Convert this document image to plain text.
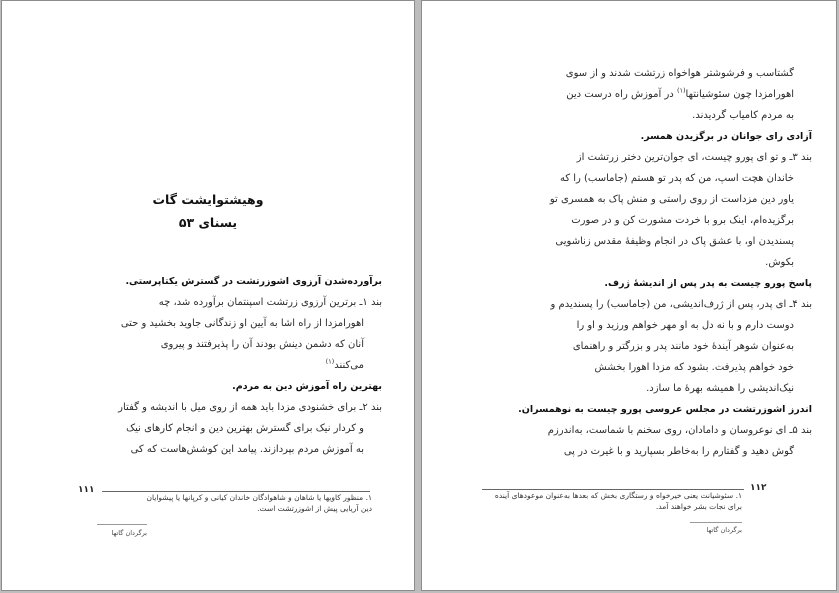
وهیشتوایشت گات
یسنای ۵۳
برآورده‌شدن آرزوی اشوزرتشت در گسترش یکتاپرستی.
بند ۱ـ برترین آرزوی زرتشت اسپنتمان برآورده شد، چه
اهورامزدا از راه اشا به آیین او زندگانی جاوید بخشید و حتی
آنان که دشمن دینش بودند آن را پذیرفتند و پیروی
می‌کنند$^{(۱)}$
بهترین راه آموزش دین به مردم.
بند ۲ـ برای خشنودی مزدا باید همه از روی میل با اندیشه و گفتار
و کردار نیک برای گسترش بهترین دین و انجام کارهای نیک
به آموزش مردم بپردازند. پیامد این کوشش‌هاست که کی
۱۱۱
۱. منظور کاویها یا شاهان و شاهوادگان خاندان کیانی و کرپانها یا پیشوایان
دین آریایی پیش از اشوزرتشت است.
برگردان گاتها
گشتاسب و فرشوشتر هواخواه زرتشت شدند و از سوی
اهورامزدا چون سئوشیانتها$^{(۱)}$ در آموزش راه درست دین
به مردم کامیاب گردیدند.
آزادی رای جوانان در برگزیدن همسر.
بند ۳ـ و تو ای پورو چیست، ای جوان‌ترین دختر زرتشت از
خاندان هچت اسپ، من که پدر تو هستم (جاماسب) را که
یاور دین مزداست از روی راستی و منش پاک به همسری تو
برگزیده‌ام، اینک برو با خردت مشورت کن و در صورت
پسندیدن او، با عشق پاک در انجام وظیفهٔ مقدس زناشویی
بکوش.
پاسخ پورو چیست به پدر پس از اندیشهٔ ژرف.
بند ۴ـ ای پدر، پس از ژرف‌اندیشی، من (جاماسب) را پسندیدم و
دوست دارم و با نه دل به او مهر خواهم ورزید و او را
به‌عنوان شوهر آیندهٔ خود مانند پدر و بزرگتر و راهنمای
خود خواهم پذیرفت. بشود که مزدا اهورا بخشش
نیک‌اندیشی را همیشه بهرهٔ ما سازد.
اندرز اشوزرتشت در مجلس عروسی پورو چیست به نوهمسران.
بند ۵ـ ای نوعروسان و دامادان، روی سخنم با شماست، به‌اندرزم
گوش دهید و گفتارم را به‌خاطر بسپارید و با غیرت در پی
۱۱۲
۱. سئوشیانت یعنی خیرخواه و رستگاری بخش که بعدها به‌عنوان موعودهای آینده
برای نجات بشر خواهند آمد.
برگردان گاتها
